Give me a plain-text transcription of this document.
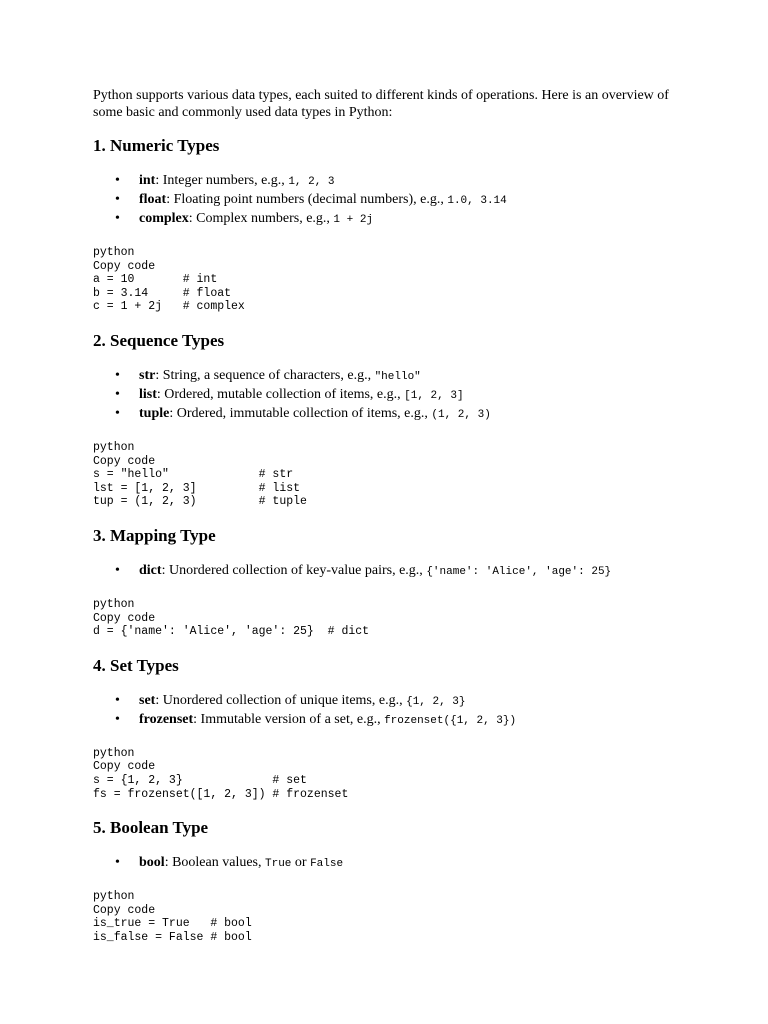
Python supports various data types, each suited to different kinds of operations. Here is an overview of some basic and commonly used data types in Python:

1. Numeric Types
• int: Integer numbers, e.g., 1, 2, 3
• float: Floating point numbers (decimal numbers), e.g., 1.0, 3.14
• complex: Complex numbers, e.g., 1 + 2j
python
Copy code
a = 10       # int
b = 3.14     # float
c = 1 + 2j   # complex
2. Sequence Types
• str: String, a sequence of characters, e.g., "hello"
• list: Ordered, mutable collection of items, e.g., [1, 2, 3]
• tuple: Ordered, immutable collection of items, e.g., (1, 2, 3)
python
Copy code
s = "hello"             # str
lst = [1, 2, 3]         # list
tup = (1, 2, 3)         # tuple
3. Mapping Type
• dict: Unordered collection of key-value pairs, e.g., {'name': 'Alice', 'age': 25}
python
Copy code
d = {'name': 'Alice', 'age': 25}  # dict
4. Set Types
• set: Unordered collection of unique items, e.g., {1, 2, 3}
• frozenset: Immutable version of a set, e.g., frozenset({1, 2, 3})
python
Copy code
s = {1, 2, 3}             # set
fs = frozenset([1, 2, 3]) # frozenset
5. Boolean Type
• bool: Boolean values, True or False
python
Copy code
is_true = True   # bool
is_false = False # bool
